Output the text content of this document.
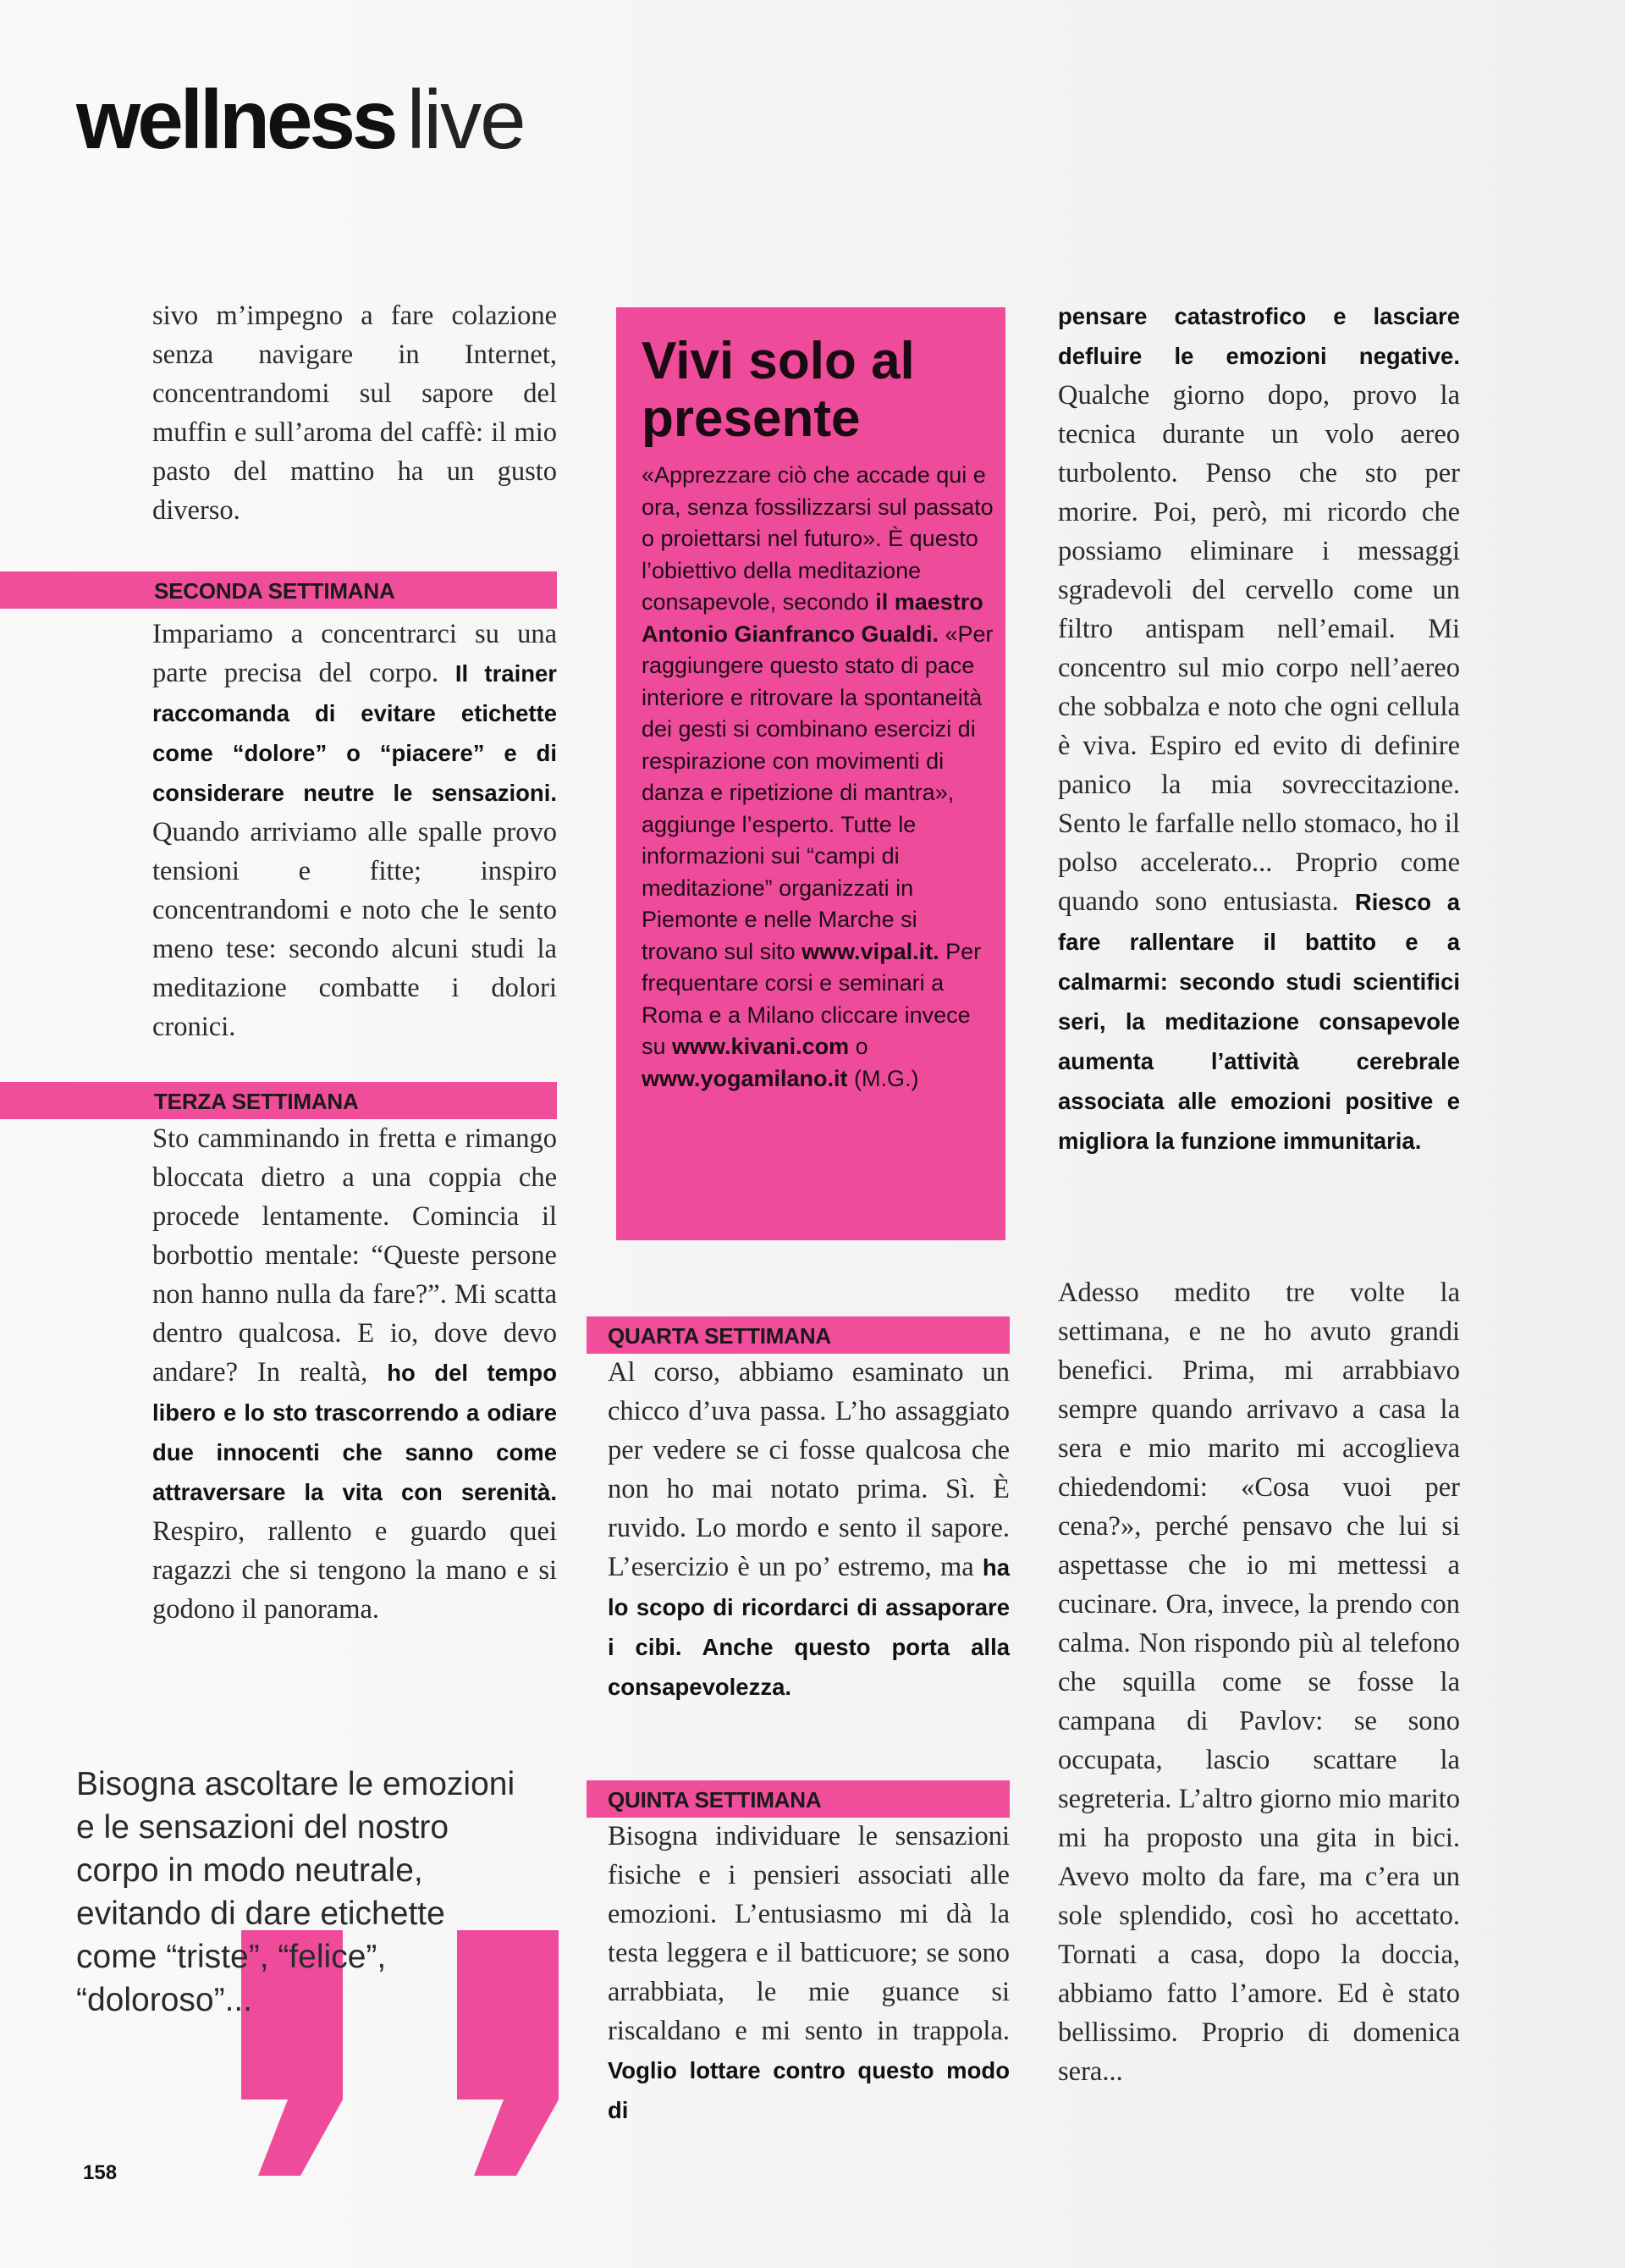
wellness live

sivo m’impegno a fare colazione senza navigare in Internet, concentrandomi sul sapore del muffin e sull’aroma del caffè: il mio pasto del mattino ha un gusto diverso.

SECONDA SETTIMANA

Impariamo a concentrarci su una parte precisa del corpo. Il trainer raccomanda di evitare etichette come “dolore” o “piacere” e di considerare neutre le sensazioni. Quando arriviamo alle spalle provo tensioni e fitte; inspiro concentrandomi e noto che le sento meno tese: secondo alcuni studi la meditazione combatte i dolori cronici.

TERZA SETTIMANA

Sto camminando in fretta e rimango bloccata dietro a una coppia che procede lentamente. Comincia il borbottio mentale: “Queste persone non hanno nulla da fare?”. Mi scatta dentro qualcosa. E io, dove devo andare? In realtà, ho del tempo libero e lo sto trascorrendo a odiare due innocenti che sanno come attraversare la vita con serenità. Respiro, rallento e guardo quei ragazzi che si tengono la mano e si godono il panorama.

Bisogna ascoltare le emozioni e le sensazioni del nostro corpo in modo neutrale, evitando di dare etichette come “triste”, “felice”, “doloroso”...

Vivi solo al presente

«Apprezzare ciò che accade qui e ora, senza fossilizzarsi sul passato o proiettarsi nel futuro». È questo l’obiettivo della meditazione consapevole, secondo il maestro Antonio Gianfranco Gualdi. «Per raggiungere questo stato di pace interiore e ritrovare la spontaneità dei gesti si combinano esercizi di respirazione con movimenti di danza e ripetizione di mantra», aggiunge l’esperto. Tutte le informazioni sui “campi di meditazione” organizzati in Piemonte e nelle Marche si trovano sul sito www.vipal.it. Per frequentare corsi e seminari a Roma e a Milano cliccare invece su www.kivani.com o www.yogamilano.it (M.G.)

QUARTA SETTIMANA

Al corso, abbiamo esaminato un chicco d’uva passa. L’ho assaggiato per vedere se ci fosse qualcosa che non ho mai notato prima. Sì. È ruvido. Lo mordo e sento il sapore. L’esercizio è un po’ estremo, ma ha lo scopo di ricordarci di assaporare i cibi. Anche questo porta alla consapevolezza.

QUINTA SETTIMANA

Bisogna individuare le sensazioni fisiche e i pensieri associati alle emozioni. L’entusiasmo mi dà la testa leggera e il batticuore; se sono arrabbiata, le mie guance si riscaldano e mi sento in trappola. Voglio lottare contro questo modo di

pensare catastrofico e lasciare defluire le emozioni negative. Qualche giorno dopo, provo la tecnica durante un volo aereo turbolento. Penso che sto per morire. Poi, però, mi ricordo che possiamo eliminare i messaggi sgradevoli del cervello come un filtro antispam nell’email. Mi concentro sul mio corpo nell’aereo che sobbalza e noto che ogni cellula è viva. Espiro ed evito di definire panico la mia sovreccitazione. Sento le farfalle nello stomaco, ho il polso accelerato... Proprio come quando sono entusiasta. Riesco a fare rallentare il battito e a calmarmi: secondo studi scientifici seri, la meditazione consapevole aumenta l’attività cerebrale associata alle emozioni positive e migliora la funzione immunitaria.

Adesso medito tre volte la settimana, e ne ho avuto grandi benefici. Prima, mi arrabbiavo sempre quando arrivavo a casa la sera e mio marito mi accoglieva chiedendomi: «Cosa vuoi per cena?», perché pensavo che lui si aspettasse che io mi mettessi a cucinare. Ora, invece, la prendo con calma. Non rispondo più al telefono che squilla come se fosse la campana di Pavlov: se sono occupata, lascio scattare la segreteria. L’altro giorno mio marito mi ha proposto una gita in bici. Avevo molto da fare, ma c’era un sole splendido, così ho accettato. Tornati a casa, dopo la doccia, abbiamo fatto l’amore. Ed è stato bellissimo. Proprio di domenica sera...

158
